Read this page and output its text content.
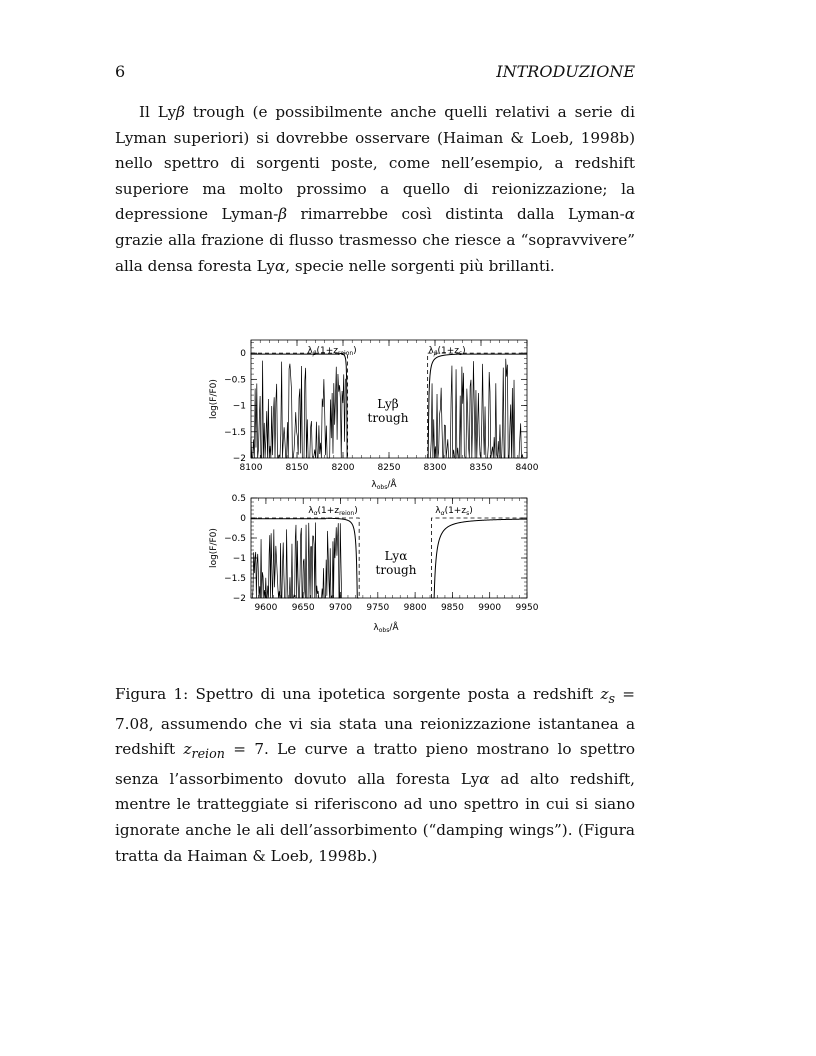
6	INTRODUZIONE

Il Lyβ trough (e possibilmente anche quelli relativi a serie di Lyman superiori) si dovrebbe osservare (Haiman & Loeb, 1998b) nello spettro di sorgenti poste, come nell’esempio, a redshift superiore ma molto prossimo a quello di reionizzazione; la depressione Lyman-β rimarrebbe così distinta dalla Lyman-α grazie alla frazione di flusso trasmesso che riesce a “sopravvivere” alla densa foresta Lyα, specie nelle sorgenti più brillanti.

8100	8150	8200	8250	8300	8350	8400
0
−0.5
−1
−1.5
−2
$\lambda_\beta(1+z_{reion})$	$\lambda_\beta(1+z_s)$
Lyβ
trough
log(F/F0)
$\lambda_{obs}/Å$
9600 9650 9700 9750 9800 9850 9900 9950
0.5
0
−0.5
−1
−1.5
−2
$\lambda_\alpha(1+z_{reion})$	$\lambda_\alpha(1+z_s)$
Lyα
trough
log(F/F0)
$\lambda_{obs}/Å$
Figura 1: Spettro di una ipotetica sorgente posta a redshift $z_s = 7.08$, assumendo che vi sia stata una reionizzazione istantanea a redshift $z_{reion} = 7$. Le curve a tratto pieno mostrano lo spettro senza l’assorbimento dovuto alla foresta Lyα ad alto redshift, mentre le tratteggiate si riferiscono ad uno spettro in cui si siano ignorate anche le ali dell’assorbimento (“damping wings”). (Figura tratta da Haiman & Loeb, 1998b.)
